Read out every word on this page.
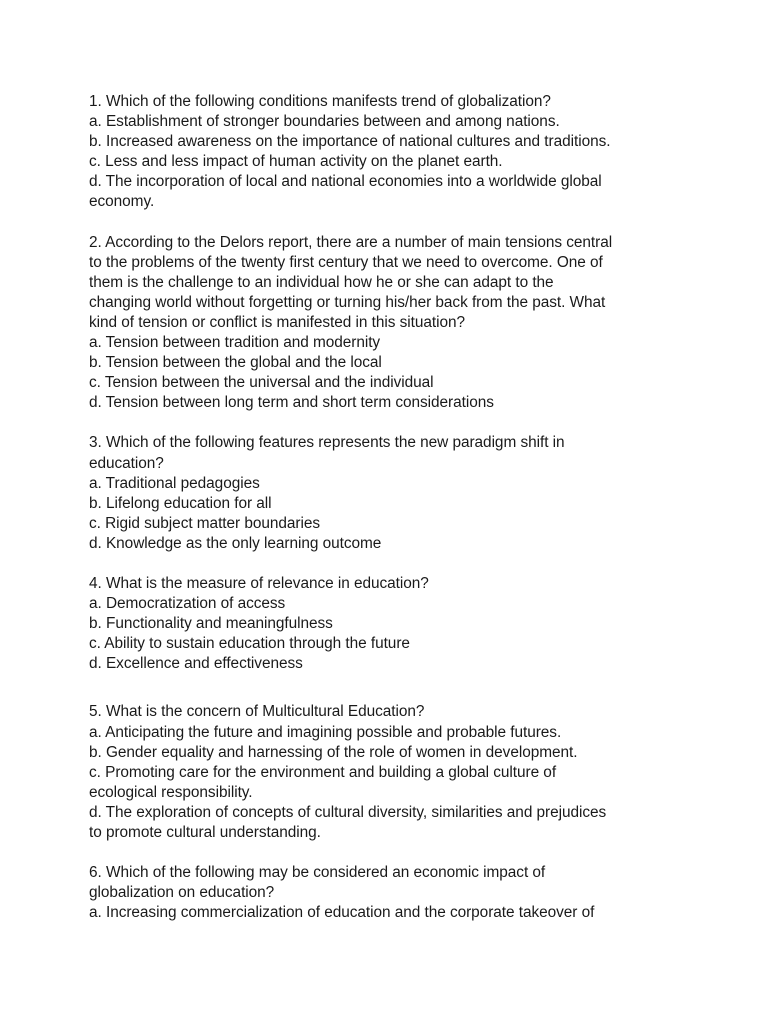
1. Which of the following conditions manifests trend of globalization?
a. Establishment of stronger boundaries between and among nations.
b. Increased awareness on the importance of national cultures and traditions.
c. Less and less impact of human activity on the planet earth.
d. The incorporation of local and national economies into a worldwide global
economy.
2. According to the Delors report, there are a number of main tensions central
to the problems of the twenty first century that we need to overcome. One of
them is the challenge to an individual how he or she can adapt to the
changing world without forgetting or turning his/her back from the past. What
kind of tension or conflict is manifested in this situation?
a. Tension between tradition and modernity
b. Tension between the global and the local
c. Tension between the universal and the individual
d. Tension between long term and short term considerations
3. Which of the following features represents the new paradigm shift in
education?
a. Traditional pedagogies
b. Lifelong education for all
c. Rigid subject matter boundaries
d. Knowledge as the only learning outcome
4. What is the measure of relevance in education?
a. Democratization of access
b. Functionality and meaningfulness
c. Ability to sustain education through the future
d. Excellence and effectiveness
5. What is the concern of Multicultural Education?
a. Anticipating the future and imagining possible and probable futures.
b. Gender equality and harnessing of the role of women in development.
c. Promoting care for the environment and building a global culture of
ecological responsibility.
d. The exploration of concepts of cultural diversity, similarities and prejudices
to promote cultural understanding.
6. Which of the following may be considered an economic impact of
globalization on education?
a. Increasing commercialization of education and the corporate takeover of
